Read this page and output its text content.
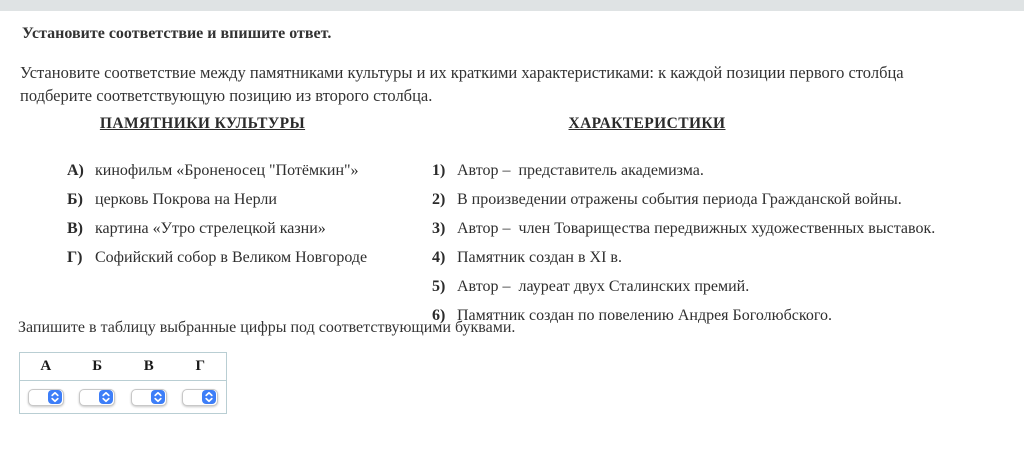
Установите соответствие и впишите ответ.
Установите соответствие между памятниками культуры и их краткими характеристиками: к каждой позиции первого столбца
подберите соответствующую позицию из второго столбца.
ПАМЯТНИКИ КУЛЬТУРЫ	ХАРАКТЕРИСТИКИ

А) кинофильм «Броненосец "Потёмкин"»

Б) церковь Покрова на Нерли

В) картина «Утро стрелецкой казни»

Г) Софийский собор в Великом Новгороде

1) Автор –  представитель академизма.

2) В произведении отражены события периода Гражданской войны.

3) Автор –  член Товарищества передвижных художественных выставок.

4) Памятник создан в XI в.

5) Автор –  лауреат двух Сталинских премий.

6) Памятник создан по повелению Андрея Боголюбского.

Запишите в таблицу выбранные цифры под соответствующими буквами.
А	Б	В	Г
